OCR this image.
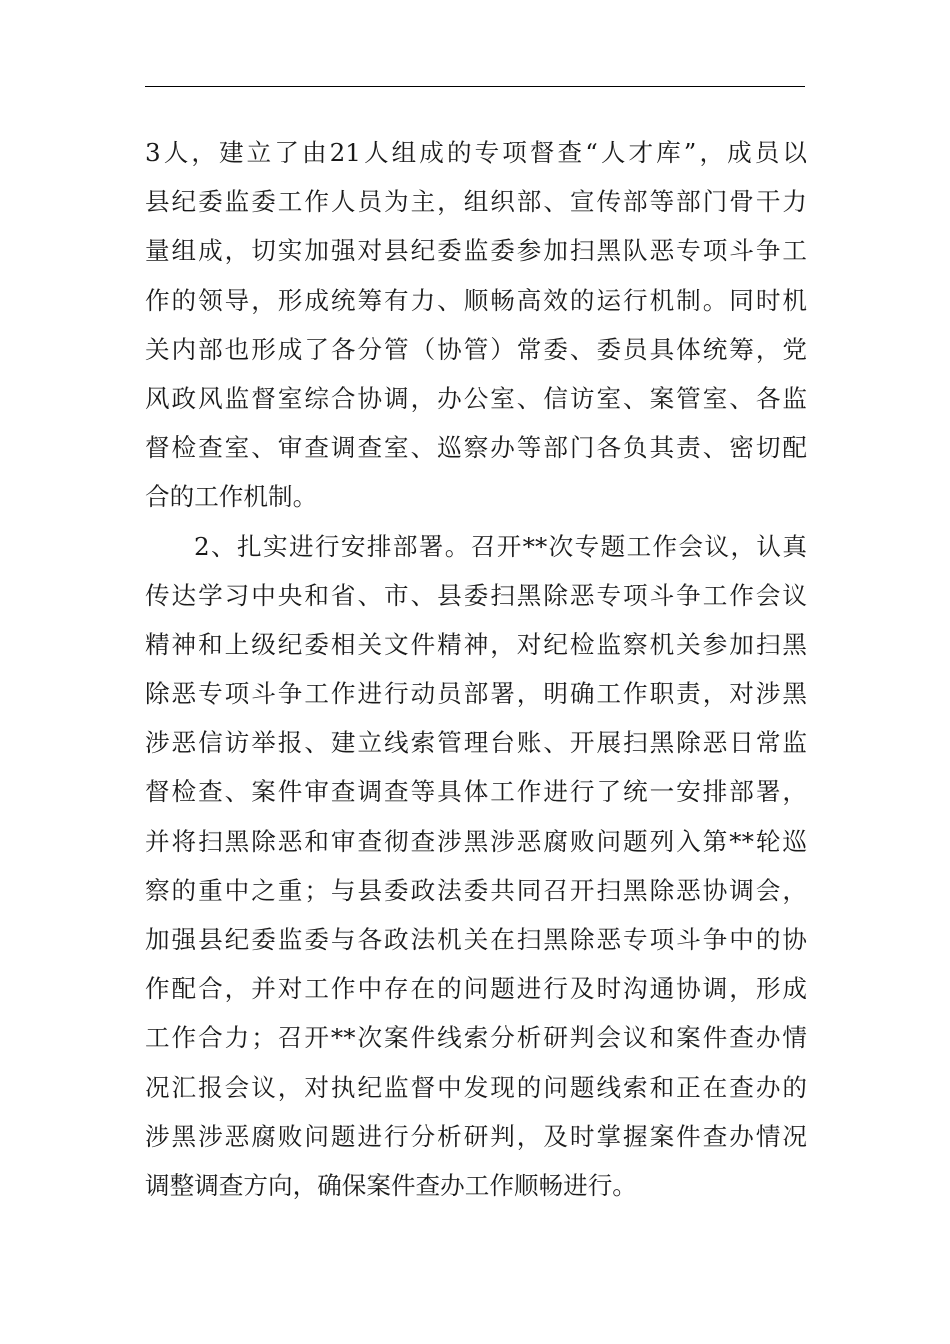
3人，建立了由21人组成的专项督查“人才库”，成员以
县纪委监委工作人员为主，组织部、宣传部等部门骨干力
量组成，切实加强对县纪委监委参加扫黑队恶专项斗争工
作的领导，形成统筹有力、顺畅高效的运行机制。同时机
关内部也形成了各分管（协管）常委、委员具体统筹，党
风政风监督室综合协调，办公室、信访室、案管室、各监
督检查室、审查调查室、巡察办等部门各负其责、密切配
合的工作机制。
2、扎实进行安排部署。召开**次专题工作会议，认真
传达学习中央和省、市、县委扫黑除恶专项斗争工作会议
精神和上级纪委相关文件精神，对纪检监察机关参加扫黑
除恶专项斗争工作进行动员部署，明确工作职责，对涉黑
涉恶信访举报、建立线索管理台账、开展扫黑除恶日常监
督检查、案件审查调查等具体工作进行了统一安排部署，
并将扫黑除恶和审查彻查涉黑涉恶腐败问题列入第**轮巡
察的重中之重；与县委政法委共同召开扫黑除恶协调会，
加强县纪委监委与各政法机关在扫黑除恶专项斗争中的协
作配合，并对工作中存在的问题进行及时沟通协调，形成
工作合力；召开**次案件线索分析研判会议和案件查办情
况汇报会议，对执纪监督中发现的问题线索和正在查办的
涉黑涉恶腐败问题进行分析研判，及时掌握案件查办情况
调整调查方向，确保案件查办工作顺畅进行。
